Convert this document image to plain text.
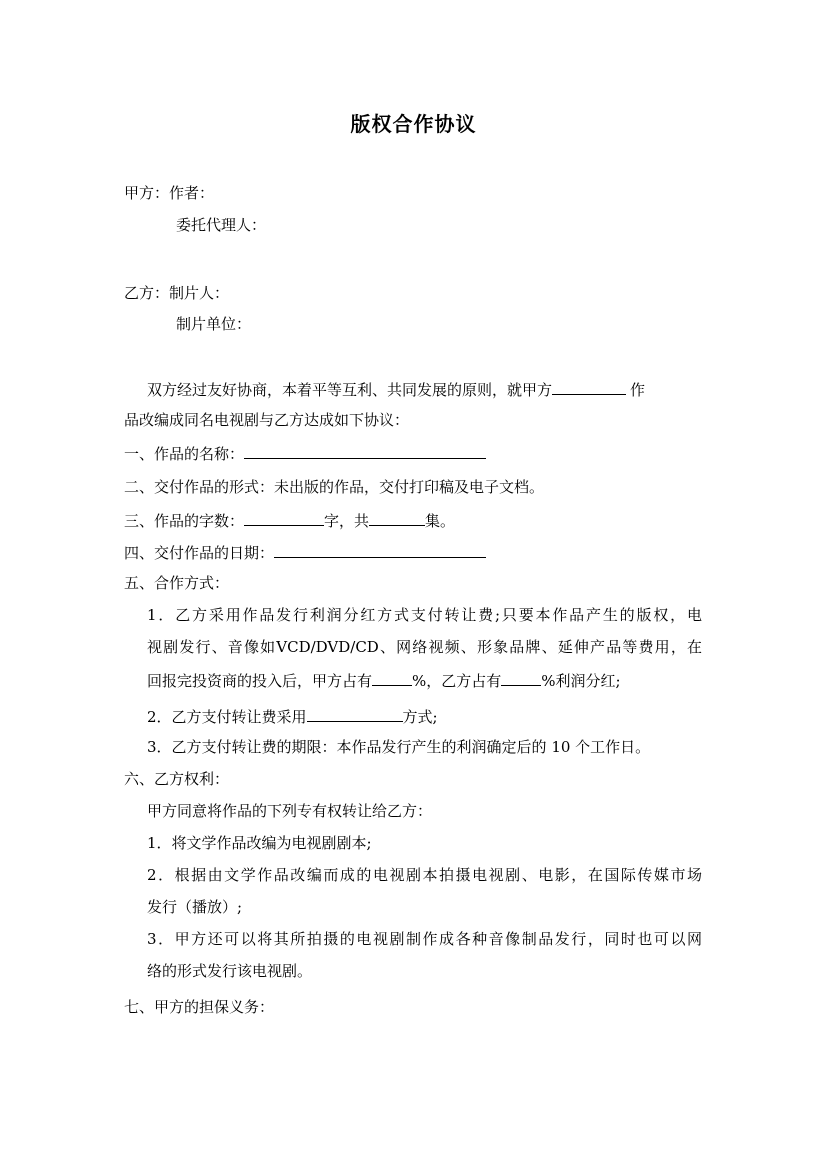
版权合作协议
甲方：作者：
委托代理人：
乙方：制片人：
制片单位：
双方经过友好协商，本着平等互利、共同发展的原则，就甲方	作
品改编成同名电视剧与乙方达成如下协议：
一、作品的名称：
二、交付作品的形式：未出版的作品，交付打印稿及电子文档。
三、作品的字数：	字，共	集。
四、交付作品的日期：
五、合作方式：
1．乙方采用作品发行利润分红方式支付转让费;只要本作品产生的版权，电
视剧发行、音像如VCD/DVD/CD、网络视频、形象品牌、延伸产品等费用，在
回报完投资商的投入后，甲方占有	%，乙方占有	%利润分红;
2．乙方支付转让费采用	方式;
3．乙方支付转让费的期限：本作品发行产生的利润确定后的 10 个工作日。
六、乙方权利：
甲方同意将作品的下列专有权转让给乙方：
1．将文学作品改编为电视剧剧本;
2．根据由文学作品改编而成的电视剧本拍摄电视剧、电影，在国际传媒市场
发行（播放）;
3．甲方还可以将其所拍摄的电视剧制作成各种音像制品发行，同时也可以网
络的形式发行该电视剧。
七、甲方的担保义务：
